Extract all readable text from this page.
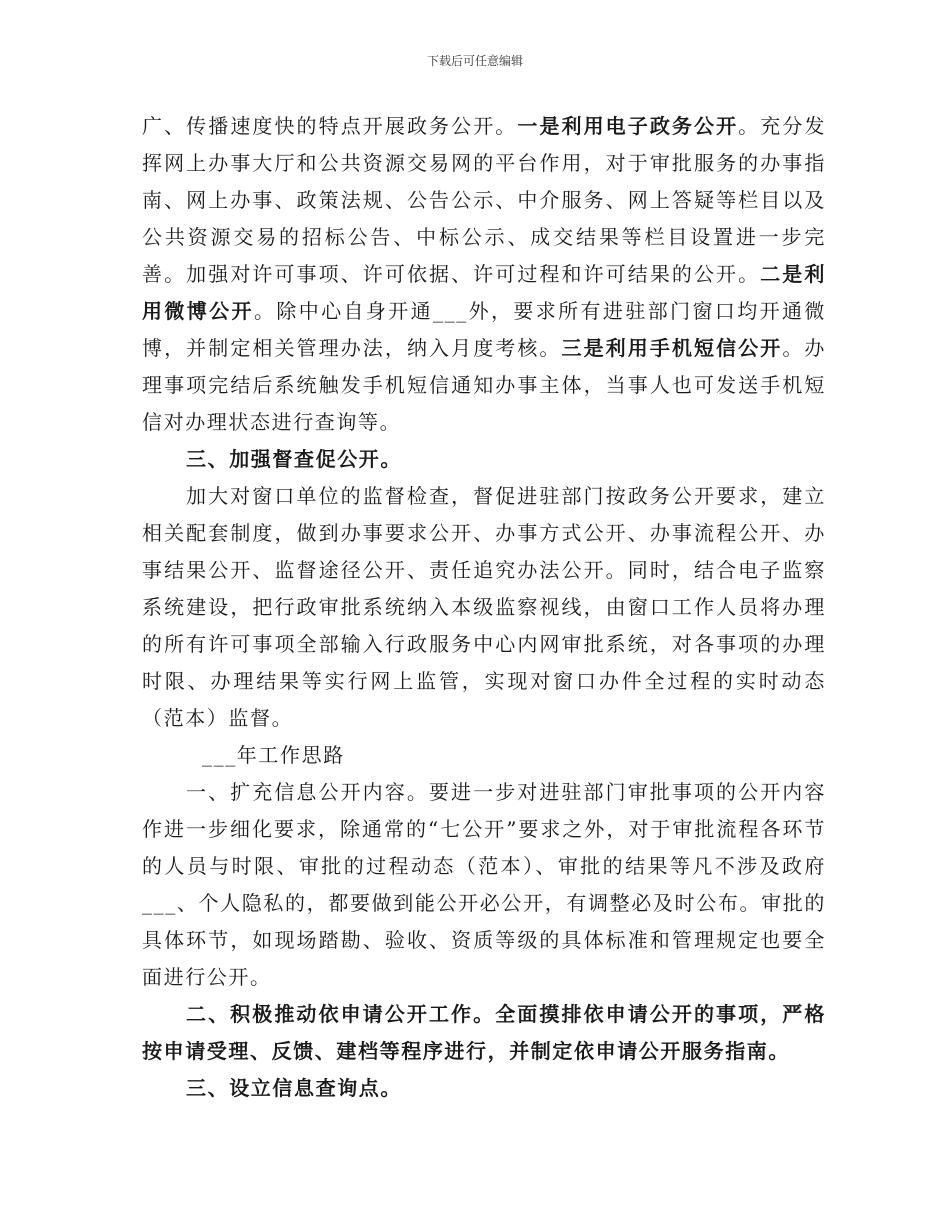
下载后可任意编辑

广、传播速度快的特点开展政务公开。一是利用电子政务公开。充分发挥网上办事大厅和公共资源交易网的平台作用，对于审批服务的办事指南、网上办事、政策法规、公告公示、中介服务、网上答疑等栏目以及公共资源交易的招标公告、中标公示、成交结果等栏目设置进一步完善。加强对许可事项、许可依据、许可过程和许可结果的公开。二是利用微博公开。除中心自身开通___外，要求所有进驻部门窗口均开通微博，并制定相关管理办法，纳入月度考核。三是利用手机短信公开。办理事项完结后系统触发手机短信通知办事主体，当事人也可发送手机短信对办理状态进行查询等。

三、加强督查促公开。

加大对窗口单位的监督检查，督促进驻部门按政务公开要求，建立相关配套制度，做到办事要求公开、办事方式公开、办事流程公开、办事结果公开、监督途径公开、责任追究办法公开。同时，结合电子监察系统建设，把行政审批系统纳入本级监察视线，由窗口工作人员将办理的所有许可事项全部输入行政服务中心内网审批系统，对各事项的办理时限、办理结果等实行网上监管，实现对窗口办件全过程的实时动态（范本）监督。

___年工作思路

一、扩充信息公开内容。要进一步对进驻部门审批事项的公开内容作进一步细化要求，除通常的“七公开”要求之外，对于审批流程各环节的人员与时限、审批的过程动态（范本）、审批的结果等凡不涉及政府___、个人隐私的，都要做到能公开必公开，有调整必及时公布。审批的具体环节，如现场踏勘、验收、资质等级的具体标准和管理规定也要全面进行公开。

二、积极推动依申请公开工作。全面摸排依申请公开的事项，严格按申请受理、反馈、建档等程序进行，并制定依申请公开服务指南。

三、设立信息查询点。
